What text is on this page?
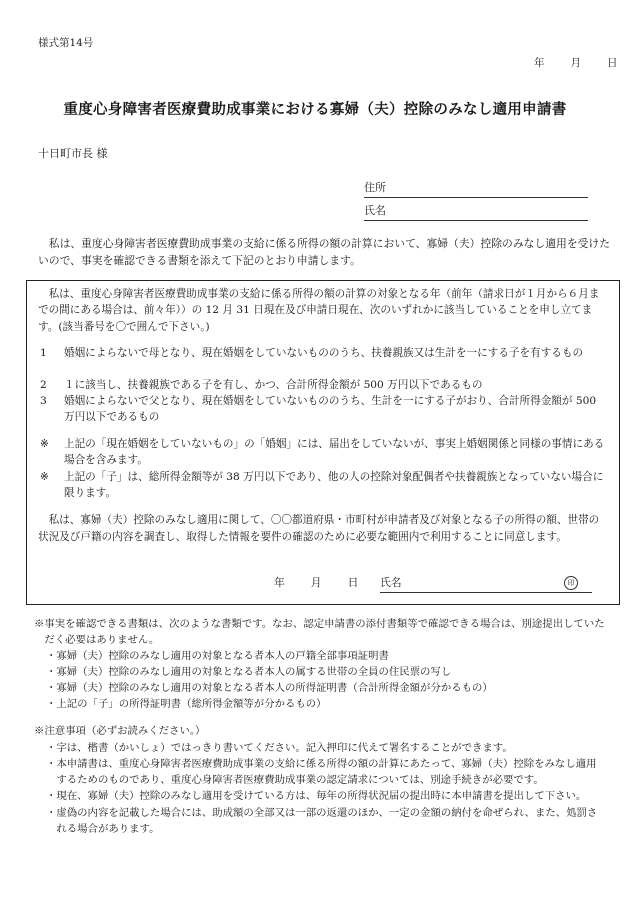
様式第14号
年 月 日
重度心身障害者医療費助成事業における寡婦（夫）控除のみなし適用申請書
十日町市長 様
住所
氏名
私は、重度心身障害者医療費助成事業の支給に係る所得の額の計算において、寡婦（夫）控除のみなし適用を受けたいので、事実を確認できる書類を添えて下記のとおり申請します。
私は、重度心身障害者医療費助成事業の支給に係る所得の額の計算の対象となる年（前年（請求日が１月から６月までの間にある場合は、前々年））の 12 月 31 日現在及び申請日現在、次のいずれかに該当していることを申し立てます。(該当番号を〇で囲んで下さい。)
1	婚姻によらないで母となり、現在婚姻をしていないもののうち、扶養親族又は生計を一にする子を有するもの
2	１に該当し、扶養親族である子を有し、かつ、合計所得金額が 500 万円以下であるもの
3	婚姻によらないで父となり、現在婚姻をしていないもののうち、生計を一にする子がおり、合計所得金額が 500 万円以下であるもの
※	上記の「現在婚姻をしていないもの」の「婚姻」には、届出をしていないが、事実上婚姻関係と同様の事情にある場合を含みます。
※	上記の「子」は、総所得金額等が 38 万円以下であり、他の人の控除対象配偶者や扶養親族となっていない場合に限ります。
私は、寡婦（夫）控除のみなし適用に関して、〇〇都道府県・市町村が申請者及び対象となる子の所得の額、世帯の状況及び戸籍の内容を調査し、取得した情報を要件の確認のために必要な範囲内で利用することに同意します。
年 月 日 氏名	印
※事実を確認できる書類は、次のような書類です。なお、認定申請書の添付書類等で確認できる場合は、別途提出していただく必要はありません。
・寡婦（夫）控除のみなし適用の対象となる者本人の戸籍全部事項証明書
・寡婦（夫）控除のみなし適用の対象となる者本人の属する世帯の全員の住民票の写し
・寡婦（夫）控除のみなし適用の対象となる者本人の所得証明書（合計所得金額が分かるもの）
・上記の「子」の所得証明書（総所得金額等が分かるもの）
※注意事項（必ずお読みください。）
・字は、楷書（かいしょ）ではっきり書いてください。記入押印に代えて署名することができます。
・本申請書は、重度心身障害者医療費助成事業の支給に係る所得の額の計算にあたって、寡婦（夫）控除をみなし適用するためのものであり、重度心身障害者医療費助成事業の認定請求については、別途手続きが必要です。
・現在、寡婦（夫）控除のみなし適用を受けている方は、毎年の所得状況届の提出時に本申請書を提出して下さい。
・虚偽の内容を記載した場合には、助成額の全部又は一部の返還のほか、一定の金額の納付を命ぜられ、また、処罰される場合があります。
